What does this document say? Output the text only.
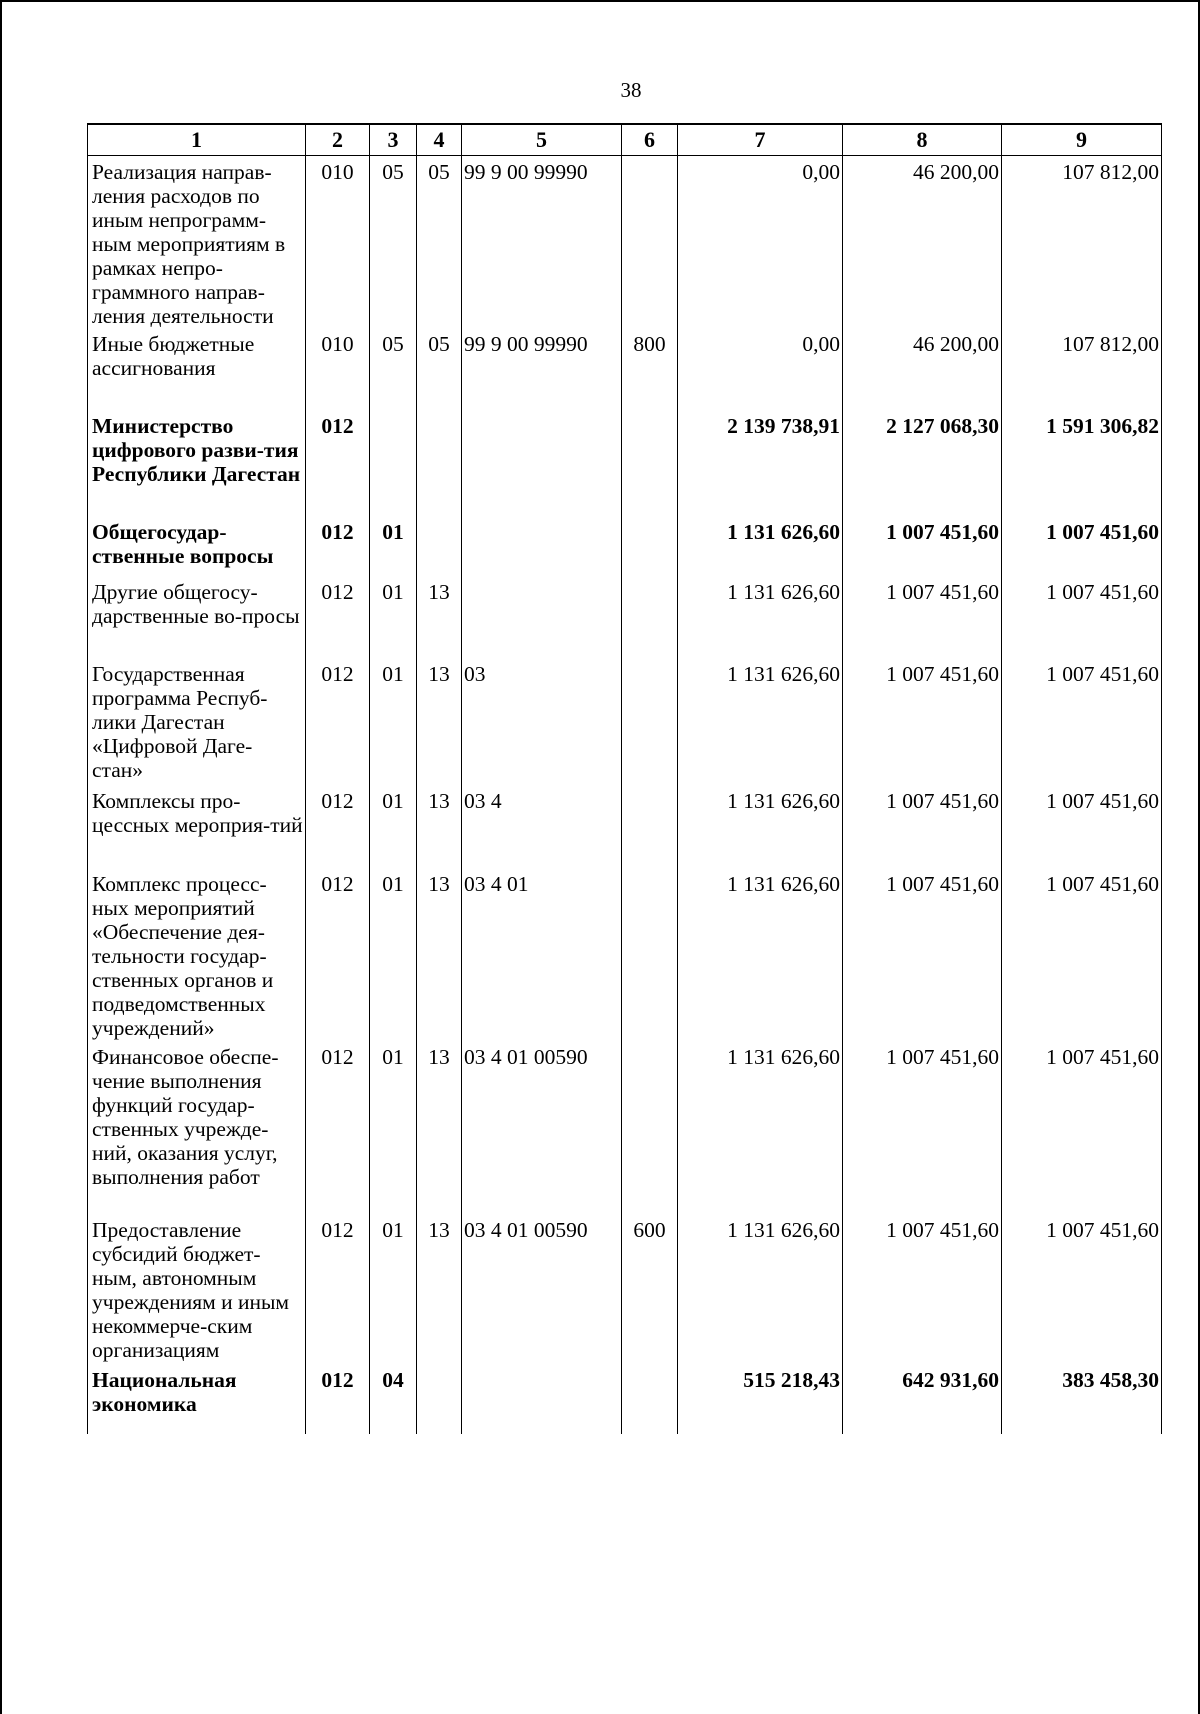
38
1	2	3	4	5	6	7	8	9
Реализация направ-ления расходов по иным непрограмм-ным мероприятиям в рамках непро-граммного направ-ления деятельности	010	05	05	99 9 00 99990		0,00	46 200,00	107 812,00
Иные бюджетные ассигнования	010	05	05	99 9 00 99990	800	0,00	46 200,00	107 812,00
Министерство цифрового разви-тия Республики Дагестан	012					2 139 738,91	2 127 068,30	1 591 306,82
Общегосудар-ственные вопросы	012	01				1 131 626,60	1 007 451,60	1 007 451,60
Другие общегосу-дарственные во-просы	012	01	13			1 131 626,60	1 007 451,60	1 007 451,60
Государственная программа Респуб-лики Дагестан «Цифровой Даге-стан»	012	01	13	03		1 131 626,60	1 007 451,60	1 007 451,60
Комплексы про-цессных мероприя-тий	012	01	13	03 4		1 131 626,60	1 007 451,60	1 007 451,60
Комплекс процесс-ных мероприятий «Обеспечение дея-тельности государ-ственных органов и подведомственных учреждений»	012	01	13	03 4 01		1 131 626,60	1 007 451,60	1 007 451,60
Финансовое обеспе-чение выполнения функций государ-ственных учрежде-ний, оказания услуг, выполнения работ	012	01	13	03 4 01 00590		1 131 626,60	1 007 451,60	1 007 451,60
Предоставление субсидий бюджет-ным, автономным учреждениям и иным некоммерче-ским организациям	012	01	13	03 4 01 00590	600	1 131 626,60	1 007 451,60	1 007 451,60
Национальная экономика	012	04				515 218,43	642 931,60	383 458,30
